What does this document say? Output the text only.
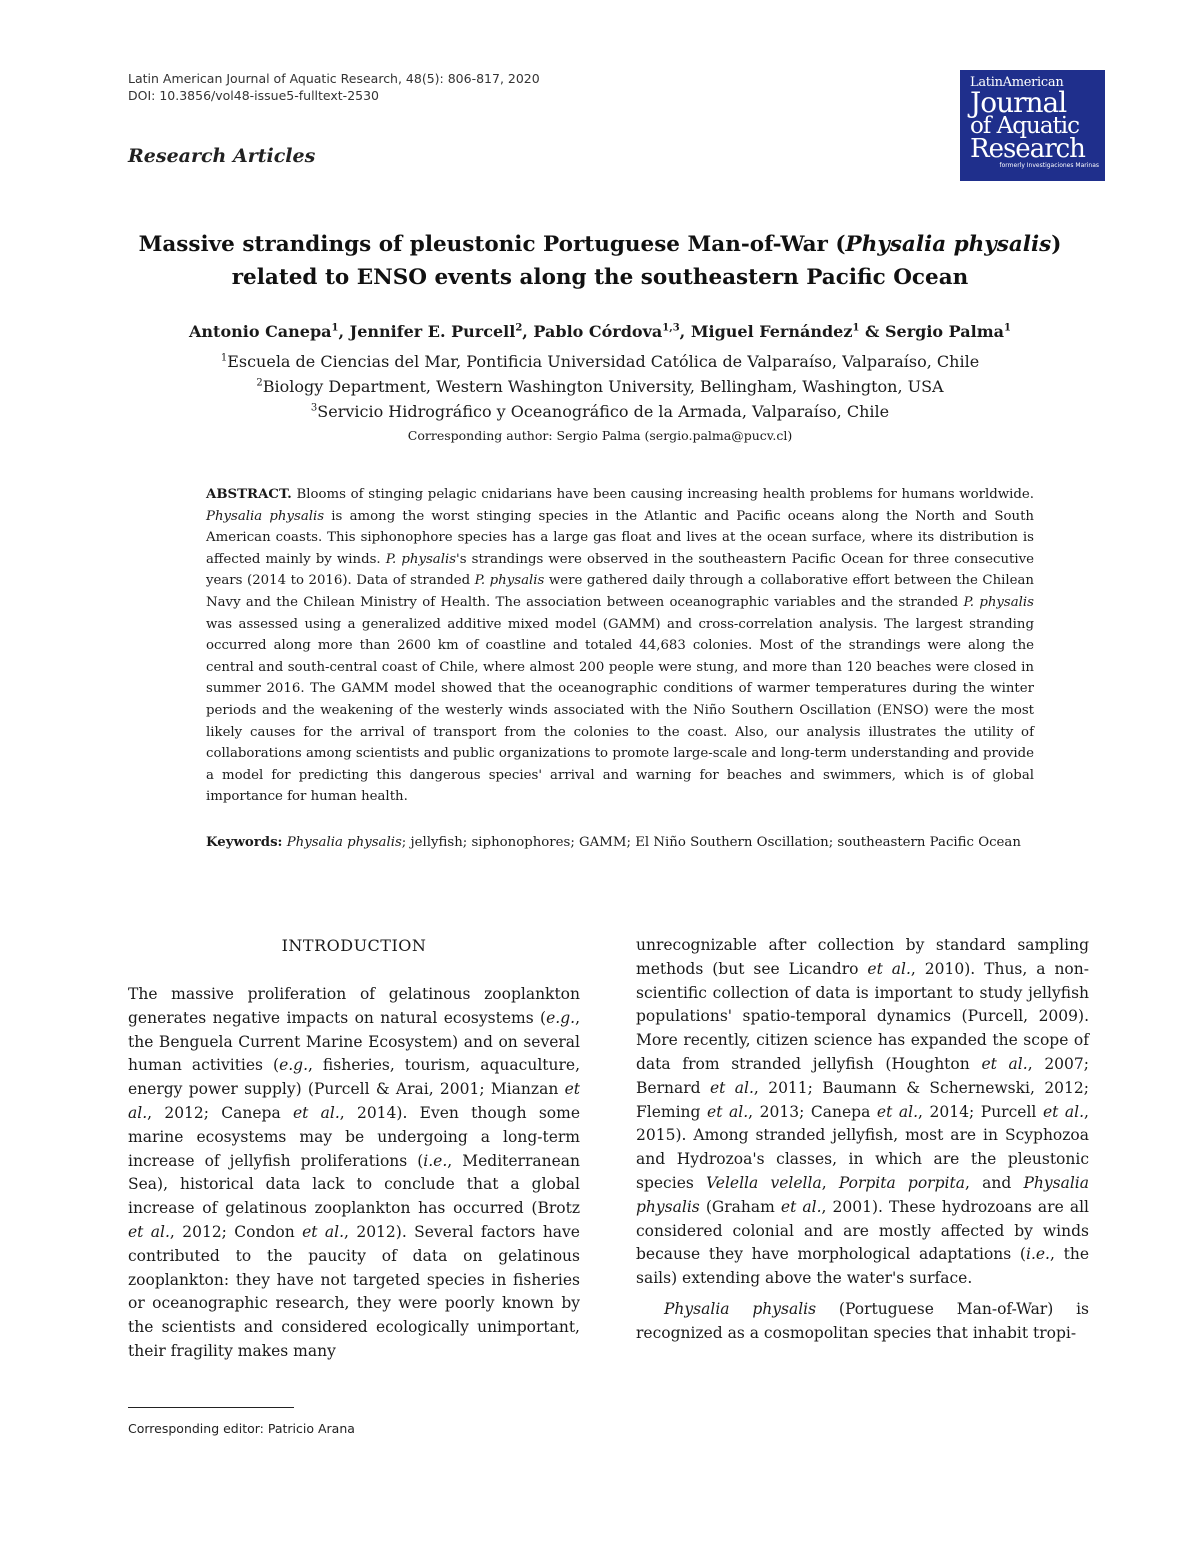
Latin American Journal of Aquatic Research, 48(5): 806-817, 2020
DOI: 10.3856/vol48-issue5-fulltext-2530
Research Articles
LatinAmerican
Journal
of Aquatic
Research
formerly Investigaciones Marinas
Massive strandings of pleustonic Portuguese Man-of-War (Physalia physalis)
related to ENSO events along the southeastern Pacific Ocean
Antonio Canepa$^1$, Jennifer E. Purcell$^2$, Pablo Córdova$^{1,3}$, Miguel Fernández$^1$ & Sergio Palma$^1$
$^1$Escuela de Ciencias del Mar, Pontificia Universidad Católica de Valparaíso, Valparaíso, Chile
$^2$Biology Department, Western Washington University, Bellingham, Washington, USA
$^3$Servicio Hidrográfico y Oceanográfico de la Armada, Valparaíso, Chile
Corresponding author: Sergio Palma (sergio.palma@pucv.cl)
ABSTRACT. Blooms of stinging pelagic cnidarians have been causing increasing health problems for humans worldwide. Physalia physalis is among the worst stinging species in the Atlantic and Pacific oceans along the North and South American coasts. This siphonophore species has a large gas float and lives at the ocean surface, where its distribution is affected mainly by winds. P. physalis's strandings were observed in the southeastern Pacific Ocean for three consecutive years (2014 to 2016). Data of stranded P. physalis were gathered daily through a collaborative effort between the Chilean Navy and the Chilean Ministry of Health. The association between oceanographic variables and the stranded P. physalis was assessed using a generalized additive mixed model (GAMM) and cross-correlation analysis. The largest stranding occurred along more than 2600 km of coastline and totaled 44,683 colonies. Most of the strandings were along the central and south-central coast of Chile, where almost 200 people were stung, and more than 120 beaches were closed in summer 2016. The GAMM model showed that the oceanographic conditions of warmer temperatures during the winter periods and the weakening of the westerly winds associated with the Niño Southern Oscillation (ENSO) were the most likely causes for the arrival of transport from the colonies to the coast. Also, our analysis illustrates the utility of collaborations among scientists and public organizations to promote large-scale and long-term understanding and provide a model for predicting this dangerous species' arrival and warning for beaches and swimmers, which is of global importance for human health.
Keywords: Physalia physalis; jellyfish; siphonophores; GAMM; El Niño Southern Oscillation; southeastern Pacific Ocean
INTRODUCTION
The massive proliferation of gelatinous zooplankton generates negative impacts on natural ecosystems (e.g., the Benguela Current Marine Ecosystem) and on several human activities (e.g., fisheries, tourism, aquaculture, energy power supply) (Purcell & Arai, 2001; Mianzan et al., 2012; Canepa et al., 2014). Even though some marine ecosystems may be undergoing a long-term increase of jellyfish proliferations (i.e., Mediterranean Sea), historical data lack to conclude that a global increase of gelatinous zooplankton has occurred (Brotz et al., 2012; Condon et al., 2012). Several factors have contributed to the paucity of data on gelatinous zooplankton: they have not targeted species in fisheries or oceanographic research, they were poorly known by the scientists and considered ecologically unimportant, their fragility makes many
unrecognizable after collection by standard sampling methods (but see Licandro et al., 2010). Thus, a non-scientific collection of data is important to study jellyfish populations' spatio-temporal dynamics (Purcell, 2009). More recently, citizen science has expanded the scope of data from stranded jellyfish (Houghton et al., 2007; Bernard et al., 2011; Baumann & Schernewski, 2012; Fleming et al., 2013; Canepa et al., 2014; Purcell et al., 2015). Among stranded jellyfish, most are in Scyphozoa and Hydrozoa's classes, in which are the pleustonic species Velella velella, Porpita porpita, and Physalia physalis (Graham et al., 2001). These hydrozoans are all considered colonial and are mostly affected by winds because they have morphological adaptations (i.e., the sails) extending above the water's surface.
Physalia physalis (Portuguese Man-of-War) is recognized as a cosmopolitan species that inhabit tropi-
Corresponding editor: Patricio Arana
